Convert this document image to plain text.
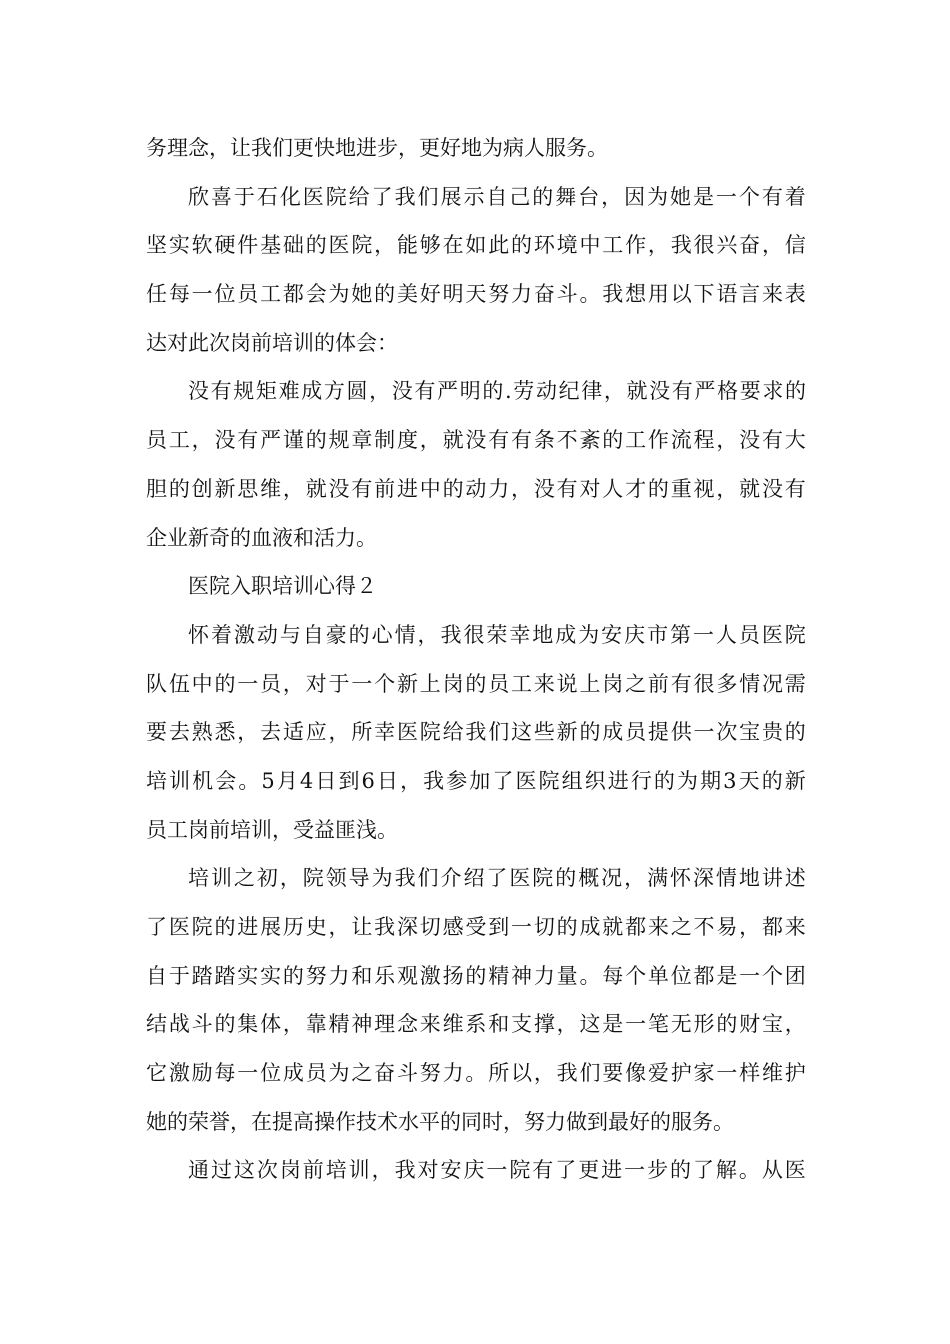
务理念，让我们更快地进步，更好地为病人服务。
欣 喜 于 石 化 医 院 给 了 我 们 展 示 自 己 的 舞 台 ， 因 为 她 是 一 个 有 着
坚 实 软 硬 件 基 础 的 医 院 ， 能 够 在 如 此 的 环 境 中 工 作 ， 我 很 兴 奋 ， 信
任 每 一 位 员 工 都 会 为 她 的 美 好 明 天 努 力 奋 斗 。 我 想 用 以 下 语 言 来 表
达对此次岗前培训的体会：
没 有 规 矩 难 成 方 圆 ， 没 有 严 明 的 . 劳 动 纪 律 ， 就 没 有 严 格 要 求 的
员 工 ， 没 有 严 谨 的 规 章 制 度 ， 就 没 有 有 条 不 紊 的 工 作 流 程 ， 没 有 大
胆 的 创 新 思 维 ， 就 没 有 前 进 中 的 动 力 ， 没 有 对 人 才 的 重 视 ， 就 没 有
企业新奇的血液和活力。
医院入职培训心得２
怀 着 激 动 与 自 豪 的 心 情 ， 我 很 荣 幸 地 成 为 安 庆 市 第 一 人 员 医 院
队 伍 中 的 一 员 ， 对 于 一 个 新 上 岗 的 员 工 来 说 上 岗 之 前 有 很 多 情 况 需
要 去 熟 悉 ， 去 适 应 ， 所 幸 医 院 给 我 们 这 些 新 的 成 员 提 供 一 次 宝 贵 的
培 训 机 会 。 5 月 4 日 到 6 日 ， 我 参 加 了 医 院 组 织 进 行 的 为 期 3 天 的 新
员工岗前培训，受益匪浅。
培 训 之 初 ， 院 领 导 为 我 们 介 绍 了 医 院 的 概 况 ， 满 怀 深 情 地 讲 述
了 医 院 的 进 展 历 史 ， 让 我 深 切 感 受 到 一 切 的 成 就 都 来 之 不 易 ， 都 来
自 于 踏 踏 实 实 的 努 力 和 乐 观 激 扬 的 精 神 力 量 。 每 个 单 位 都 是 一 个 团
结 战 斗 的 集 体 ， 靠 精 神 理 念 来 维 系 和 支 撑 ， 这 是 一 笔 无 形 的 财 宝 ，
它 激 励 每 一 位 成 员 为 之 奋 斗 努 力 。 所 以 ， 我 们 要 像 爱 护 家 一 样 维 护
她的荣誉，在提高操作技术水平的同时，努力做到最好的服务。
通 过 这 次 岗 前 培 训 ， 我 对 安 庆 一 院 有 了 更 进 一 步 的 了 解 。 从 医
